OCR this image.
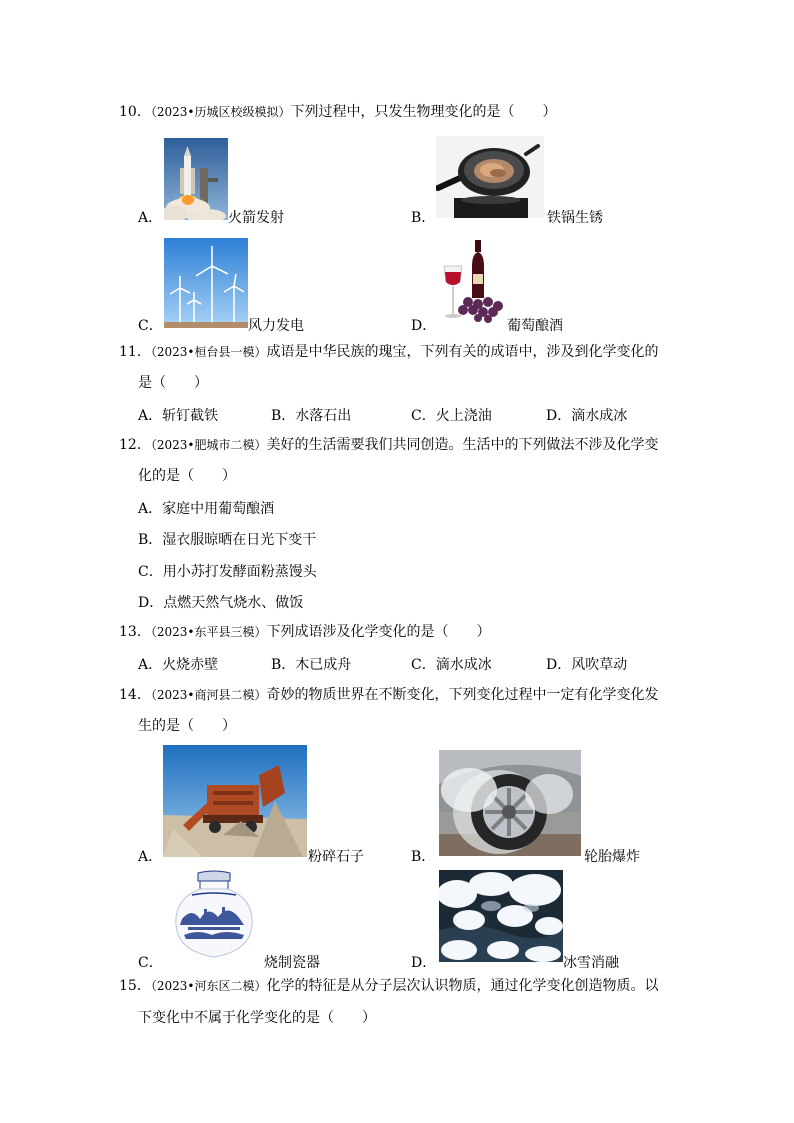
10．（2023•历城区校级模拟）下列过程中，只发生物理变化的是（　　）
A．	火箭发射	B．	铁锅生锈
C．	风力发电	D．	葡萄酿酒
11．（2023•桓台县一模）成语是中华民族的瑰宝，下列有关的成语中，涉及到化学变化的
是（　　）
A．斩钉截铁	B．水落石出	C．火上浇油	D．滴水成冰
12．（2023•肥城市二模）美好的生活需要我们共同创造。生活中的下列做法不涉及化学变
化的是（　　）
A．家庭中用葡萄酿酒
B．湿衣服晾晒在日光下变干
C．用小苏打发酵面粉蒸馒头
D．点燃天然气烧水、做饭
13．（2023•东平县三模）下列成语涉及化学变化的是（　　）
A．火烧赤壁	B．木已成舟	C．滴水成冰	D．风吹草动
14．（2023•商河县二模）奇妙的物质世界在不断变化，下列变化过程中一定有化学变化发
生的是（　　）
A．	粉碎石子	B．	轮胎爆炸
C．	烧制瓷器	D．	冰雪消融
15．（2023•河东区二模）化学的特征是从分子层次认识物质，通过化学变化创造物质。以
下变化中不属于化学变化的是（　　）
